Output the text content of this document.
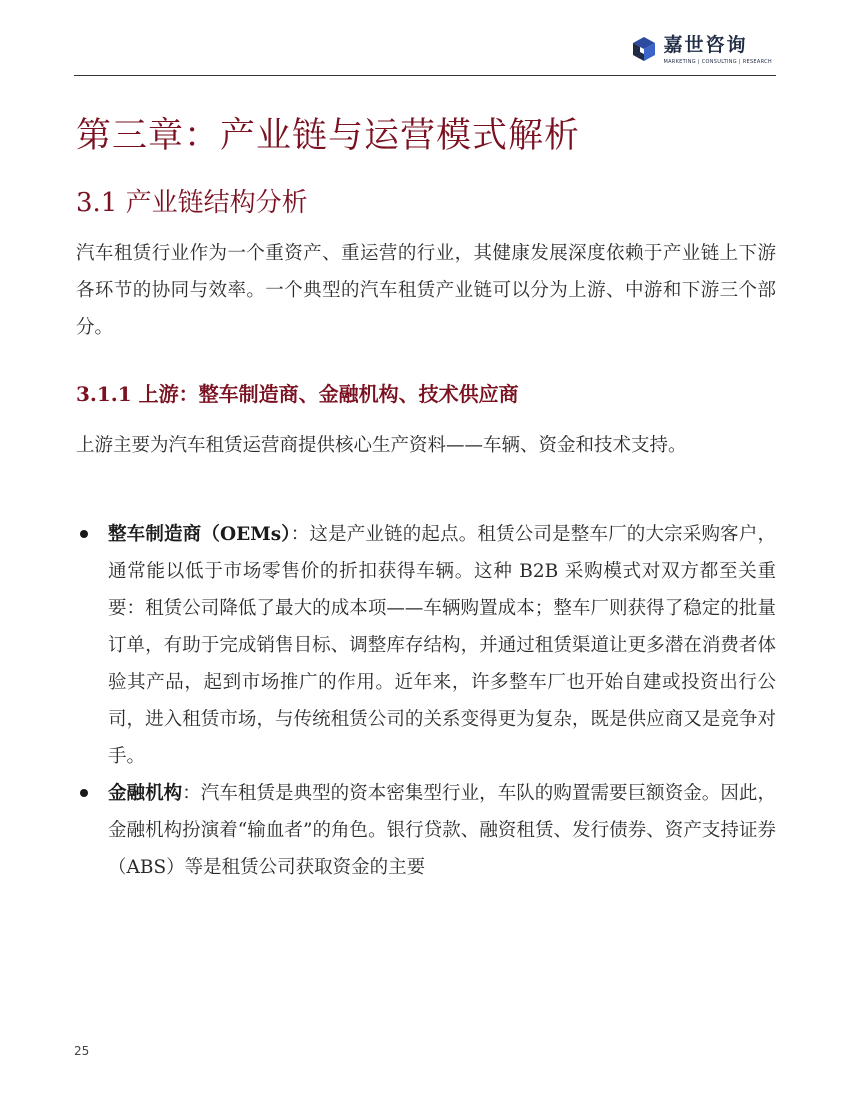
嘉世咨询
MARKETING | CONSULTING | RESEARCH
第三章：产业链与运营模式解析
3.1 产业链结构分析

汽车租赁行业作为一个重资产、重运营的行业，其健康发展深度依赖于产业链上下游各环节的协同与效率。一个典型的汽车租赁产业链可以分为上游、中游和下游三个部分。

3.1.1 上游：整车制造商、金融机构、技术供应商

上游主要为汽车租赁运营商提供核心生产资料——车辆、资金和技术支持。

整车制造商（OEMs）：这是产业链的起点。租赁公司是整车厂的大宗采购客户，通常能以低于市场零售价的折扣获得车辆。这种 B2B 采购模式对双方都至关重要：租赁公司降低了最大的成本项——车辆购置成本；整车厂则获得了稳定的批量订单，有助于完成销售目标、调整库存结构，并通过租赁渠道让更多潜在消费者体验其产品，起到市场推广的作用。近年来，许多整车厂也开始自建或投资出行公司，进入租赁市场，与传统租赁公司的关系变得更为复杂，既是供应商又是竞争对手。
金融机构：汽车租赁是典型的资本密集型行业，车队的购置需要巨额资金。因此，金融机构扮演着“输血者”的角色。银行贷款、融资租赁、发行债券、资产支持证券（ABS）等是租赁公司获取资金的主要
25
